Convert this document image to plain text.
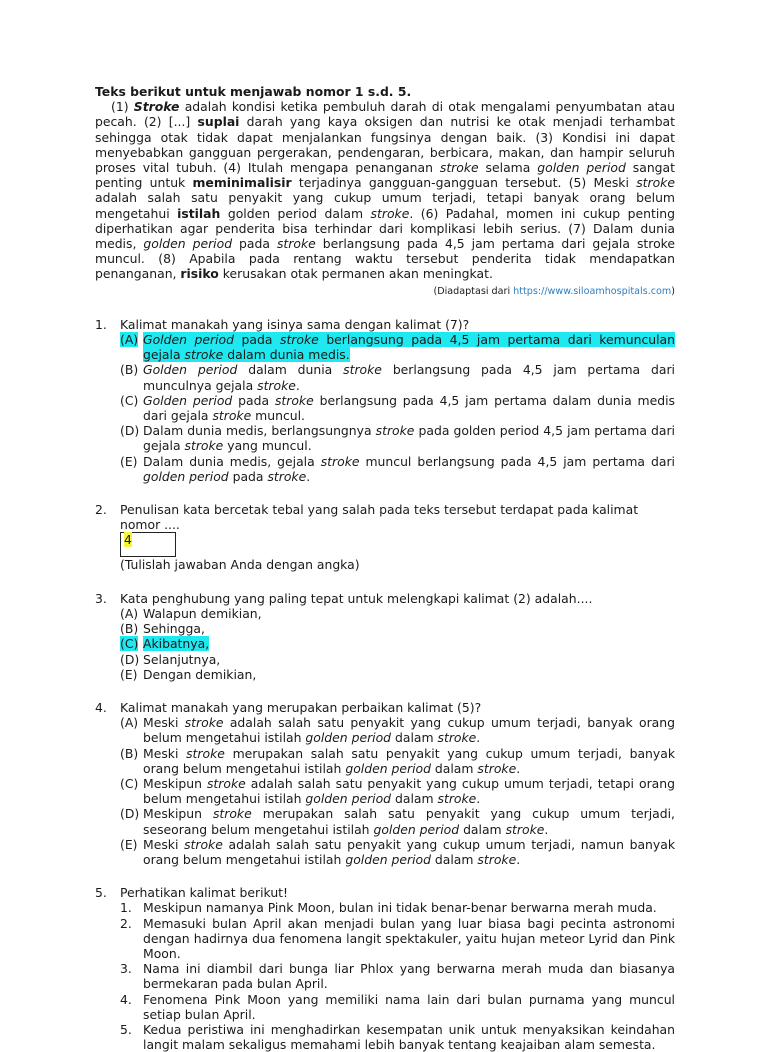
Teks berikut untuk menjawab nomor 1 s.d. 5.
(1) Stroke adalah kondisi ketika pembuluh darah di otak mengalami penyumbatan atau pecah. (2) [...] suplai darah yang kaya oksigen dan nutrisi ke otak menjadi terhambat sehingga otak tidak dapat menjalankan fungsinya dengan baik. (3) Kondisi ini dapat menyebabkan gangguan pergerakan, pendengaran, berbicara, makan, dan hampir seluruh proses vital tubuh. (4) Itulah mengapa penanganan stroke selama golden period sangat penting untuk meminimalisir terjadinya gangguan-gangguan tersebut. (5) Meski stroke adalah salah satu penyakit yang cukup umum terjadi, tetapi banyak orang belum mengetahui istilah golden period dalam stroke. (6) Padahal, momen ini cukup penting diperhatikan agar penderita bisa terhindar dari komplikasi lebih serius. (7) Dalam dunia medis, golden period pada stroke berlangsung pada 4,5 jam pertama dari gejala stroke muncul. (8) Apabila pada rentang waktu tersebut penderita tidak mendapatkan penanganan, risiko kerusakan otak permanen akan meningkat.
(Diadaptasi dari https://www.siloamhospitals.com)
1.	Kalimat manakah yang isinya sama dengan kalimat (7)?
(A) Golden period pada stroke berlangsung pada 4,5 jam pertama dari kemunculan gejala stroke dalam dunia medis.
(B) Golden period dalam dunia stroke berlangsung pada 4,5 jam pertama dari munculnya gejala stroke.
(C) Golden period pada stroke berlangsung pada 4,5 jam pertama dalam dunia medis dari gejala stroke muncul.
(D) Dalam dunia medis, berlangsungnya stroke pada golden period 4,5 jam pertama dari gejala stroke yang muncul.
(E) Dalam dunia medis, gejala stroke muncul berlangsung pada 4,5 jam pertama dari golden period pada stroke.
2.	Penulisan kata bercetak tebal yang salah pada teks tersebut terdapat pada kalimat nomor ....
4
(Tulislah jawaban Anda dengan angka)
3.	Kata penghubung yang paling tepat untuk melengkapi kalimat (2) adalah....
(A) Walapun demikian,
(B) Sehingga,
(C) Akibatnya,
(D) Selanjutnya,
(E) Dengan demikian,
4.	Kalimat manakah yang merupakan perbaikan kalimat (5)?
(A) Meski stroke adalah salah satu penyakit yang cukup umum terjadi, banyak orang belum mengetahui istilah golden period dalam stroke.
(B) Meski stroke merupakan salah satu penyakit yang cukup umum terjadi, banyak orang belum mengetahui istilah golden period dalam stroke.
(C) Meskipun stroke adalah salah satu penyakit yang cukup umum terjadi, tetapi orang belum mengetahui istilah golden period dalam stroke.
(D) Meskipun stroke merupakan salah satu penyakit yang cukup umum terjadi, seseorang belum mengetahui istilah golden period dalam stroke.
(E) Meski stroke adalah salah satu penyakit yang cukup umum terjadi, namun banyak orang belum mengetahui istilah golden period dalam stroke.
5.	Perhatikan kalimat berikut!
1. Meskipun namanya Pink Moon, bulan ini tidak benar-benar berwarna merah muda.
2. Memasuki bulan April akan menjadi bulan yang luar biasa bagi pecinta astronomi dengan hadirnya dua fenomena langit spektakuler, yaitu hujan meteor Lyrid dan Pink Moon.
3. Nama ini diambil dari bunga liar Phlox yang berwarna merah muda dan biasanya bermekaran pada bulan April.
4. Fenomena Pink Moon yang memiliki nama lain dari bulan purnama yang muncul setiap bulan April.
5. Kedua peristiwa ini menghadirkan kesempatan unik untuk menyaksikan keindahan langit malam sekaligus memahami lebih banyak tentang keajaiban alam semesta.
